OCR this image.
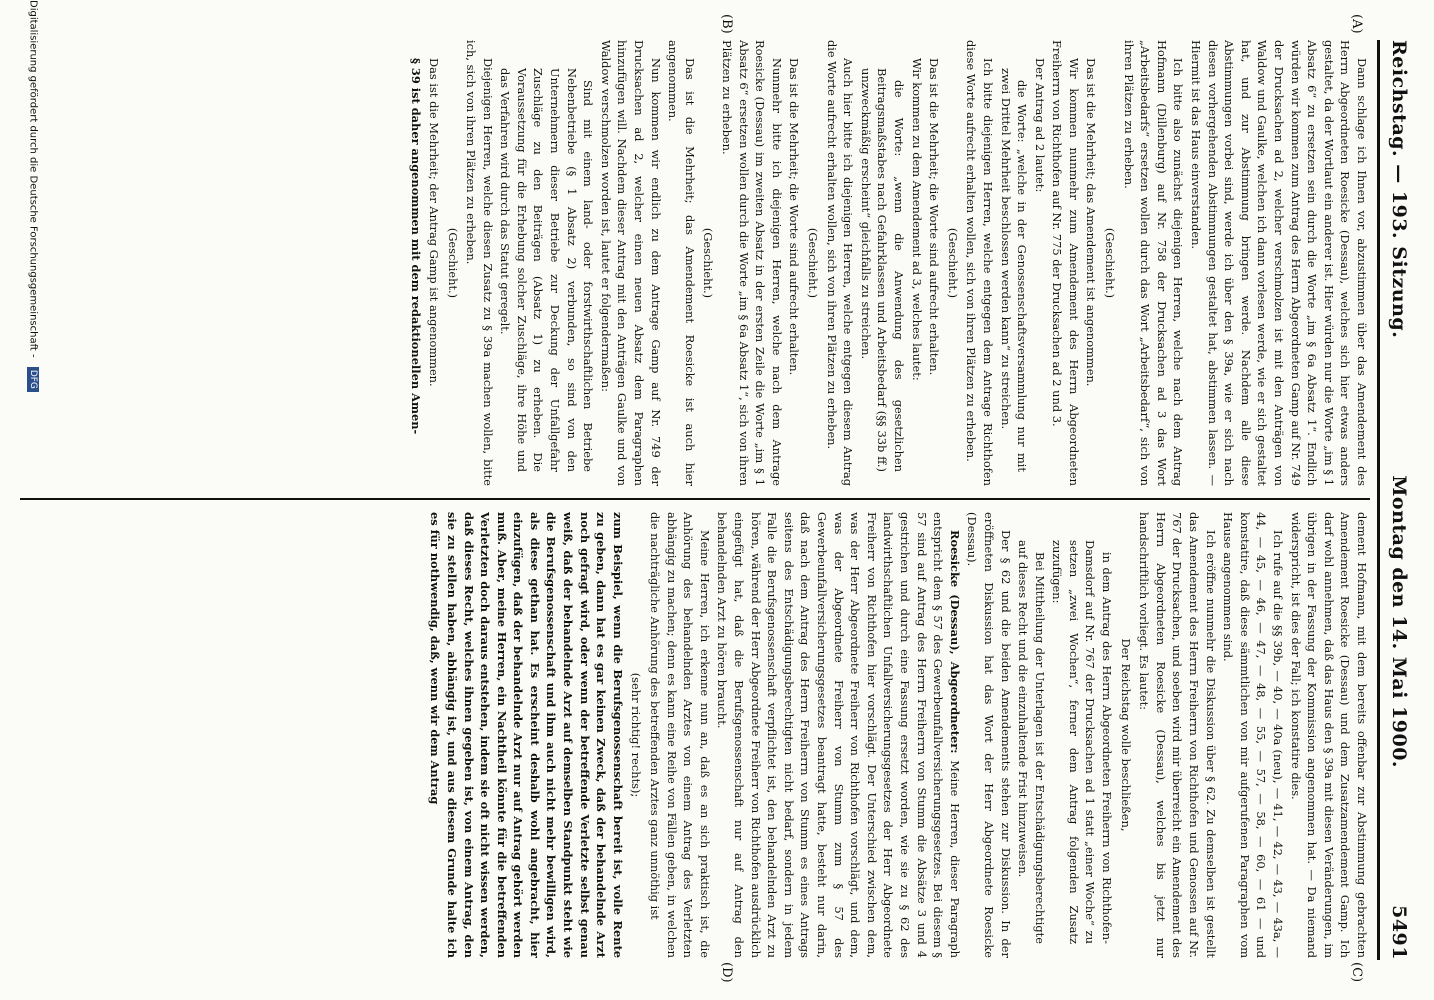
Reichstag. — 193. Sitzung.
Montag den 14. Mai 1900.
5491
(A)
(B)
(C)
(D)

Dann schlage ich Ihnen vor, abzustimmen über das Amendement des Herrn Abgeordneten Roesicke (Dessau), welches sich hier etwas anders gestaltet, da der Wortlaut ein anderer ist. Hier würden nur die Worte „im § 1 Absatz 6“ zu ersetzen sein durch die Worte „im § 6a Absatz 1“. Endlich würden wir kommen zum Antrag des Herrn Abgeordneten Gamp auf Nr. 749 der Drucksachen ad 2, welcher verschmolzen ist mit den Anträgen von Waldow und Gaulke, welchen ich dann vorlesen werde, wie er sich gestaltet hat, und zur Abstimmung bringen werde. Nachdem alle diese Abstimmungen vorbei sind, werde ich über den § 39a, wie er sich nach diesen vorhergehenden Abstimmungen gestaltet hat, abstimmen lassen. — Hiermit ist das Haus einverstanden.

Ich bitte also zunächst diejenigen Herren, welche nach dem Antrag Hofmann (Dillenburg) auf Nr. 758 der Drucksachen ad 3 das Wort „Arbeitsbedarfs“ ersetzen wollen durch das Wort „Arbeitsbedarf“, sich von ihren Plätzen zu erheben.

(Geschieht.)

Das ist die Mehrheit; das Amendement ist angenommen.

Wir kommen nunmehr zum Amendement des Herrn Abgeordneten Freiherrn von Richthofen auf Nr. 775 der Drucksachen ad 2 und 3.

Der Antrag ad 2 lautet:

die Worte: „welche in der Genossenschaftsversammlung nur mit zwei Drittel Mehrheit beschlossen werden kann“ zu streichen.

Ich bitte diejenigen Herren, welche entgegen dem Antrage Richthofen diese Worte aufrecht erhalten wollen, sich von ihren Plätzen zu erheben.

(Geschieht.)

Das ist die Mehrheit; die Worte sind aufrecht erhalten.

Wir kommen zu dem Amendement ad 3, welches lautet:

die Worte: „wenn die Anwendung des gesetzlichen Beitragsmaßstabes nach Gefahrklassen und Arbeitsbedarf (§§ 33b ff.) unzweckmäßig erscheint“ gleichfalls zu streichen.

Auch hier bitte ich diejenigen Herren, welche entgegen diesem Antrag die Worte aufrecht erhalten wollen, sich von ihren Plätzen zu erheben.

(Geschieht.)

Das ist die Mehrheit; die Worte sind aufrecht erhalten.

Nunmehr bitte ich diejenigen Herren, welche nach dem Antrage Roesicke (Dessau) im zweiten Absatz in der ersten Zeile die Worte „im § 1 Absatz 6“ ersetzen wollen durch die Worte „im § 6a Absatz 1“, sich von ihren Plätzen zu erheben.

(Geschieht.)

Das ist die Mehrheit; das Amendement Roesicke ist auch hier angenommen.

Nun kommen wir endlich zu dem Antrage Gamp auf Nr. 749 der Drucksachen ad 2, welcher einen neuen Absatz dem Paragraphen hinzufügen will. Nachdem dieser Antrag mit den Anträgen Gaulke und von Waldow verschmolzen worden ist, lautet er folgendermaßen:

Sind mit einem land- oder forstwirthschaftlichen Betriebe Nebenbetriebe (§ 1 Absatz 2) verbunden, so sind von den Unternehmern dieser Betriebe zur Deckung der Unfallgefahr Zuschläge zu den Beiträgen (Absatz 1) zu erheben. Die Voraussetzung für die Erhebung solcher Zuschläge, ihre Höhe und das Verfahren wird durch das Statut geregelt.

Diejenigen Herren, welche diesen Zusatz zu § 39a machen wollen, bitte ich, sich von ihren Plätzen zu erheben.

(Geschieht.)

Das ist die Mehrheit; der Antrag Gamp ist angenommen.

§ 39 ist daher angenommen mit dem redaktionellen Amen-

dement Hofmann, mit dem bereits offenbar zur Abstimmung gebrachten Amendement Roesicke (Dessau) und dem Zusatzamendement Gamp. Ich darf wohl annehmen, daß das Haus den § 39a mit diesen Veränderungen, im übrigen in der Fassung der Kommission angenommen hat. — Da niemand widerspricht, ist dies der Fall; ich konstatire dies.

Ich rufe auf die §§ 39b, — 40, — 40a (neu), — 41, — 42, — 43, — 43a, — 44, — 45, — 46, — 47, — 48, — 55, — 57, — 58, — 60, — 61 — und konstatire, daß diese sämmtlichen von mir aufgerufenen Paragraphen vom Hause angenommen sind.

Ich eröffne nunmehr die Diskussion über § 62. Zu demselben ist gestellt das Amendement des Herrn Freiherrn von Richthofen und Genossen auf Nr. 767 der Drucksachen, und soeben wird mir überreicht ein Amendement des Herrn Abgeordneten Roesicke (Dessau), welches bis jetzt nur handschriftlich vorliegt. Es lautet:

Der Reichstag wolle beschließen,

in dem Antrag des Herrn Abgeordneten Freiherrn von Richthofen-Damsdorf auf Nr. 767 der Drucksachen ad 1 statt „einer Woche“ zu setzen „zwei Wochen“, ferner dem Antrag folgenden Zusatz zuzufügen:

Bei Mittheilung der Unterlagen ist der Entschädigungsberechtigte auf dieses Recht und die einzuhaltende Frist hinzuweisen.

Der § 62 und die beiden Amendements stehen zur Diskussion. In der eröffneten Diskussion hat das Wort der Herr Abgeordnete Roesicke (Dessau).

Roesicke (Dessau), Abgeordneter: Meine Herren, dieser Paragraph entspricht dem § 57 des Gewerbeunfallversicherungsgesetzes. Bei diesem § 57 sind auf Antrag des Herrn Freiherrn von Stumm die Absätze 3 und 4 gestrichen und durch eine Fassung ersetzt worden, wie sie zu § 62 des landwirthschaftlichen Unfallversicherungsgesetzes der Herr Abgeordnete Freiherr von Richthofen hier vorschlägt. Der Unterschied zwischen dem, was der Herr Abgeordnete Freiherr von Richthofen vorschlägt, und dem, was der Abgeordnete Freiherr von Stumm zum § 57 des Gewerbeunfallversicherungsgesetzes beantragt hatte, besteht nur darin, daß nach dem Antrag des Herrn Freiherrn von Stumm es eines Antrags seitens des Entschädigungsberechtigten nicht bedarf, sondern in jedem Falle die Berufsgenossenschaft verpflichtet ist, den behandelnden Arzt zu hören, während der Herr Abgeordnete Freiherr von Richthofen ausdrücklich eingefügt hat, daß die Berufsgenossenschaft nur auf Antrag den behandelnden Arzt zu hören braucht.

Meine Herren, ich erkenne nun an, daß es an sich praktisch ist, die Anhörung des behandelnden Arztes von einem Antrag des Verletzten abhängig zu machen; denn es kann eine Reihe von Fällen geben, in welchen die nachträgliche Anhörung des betreffenden Arztes ganz unnöthig ist

(sehr richtig! rechts);

zum Beispiel, wenn die Berufsgenossenschaft bereit ist, volle Rente zu geben, dann hat es gar keinen Zweck, daß der behandelnde Arzt noch gefragt wird, oder wenn der betreffende Verletzte selbst genau weiß, daß der behandelnde Arzt auf demselben Standpunkt steht wie die Berufsgenossenschaft und ihm auch nicht mehr bewilligen wird, als diese gethan hat. Es erscheint deshalb wohl angebracht, hier einzufügen, daß der behandelnde Arzt nur auf Antrag gehört werden muß. Aber, meine Herren, ein Nachtheil könnte für die betreffenden Verletzten doch daraus entstehen, indem sie oft nicht wissen werden, daß dieses Recht, welches ihnen gegeben ist, von einem Antrag, den sie zu stellen haben, abhängig ist, und aus diesem Grunde halte ich es für nothwendig, daß, wenn wir dem Antrag

Digitalisierung gefördert durch die Deutsche Forschungsgemeinschaft - DFG
